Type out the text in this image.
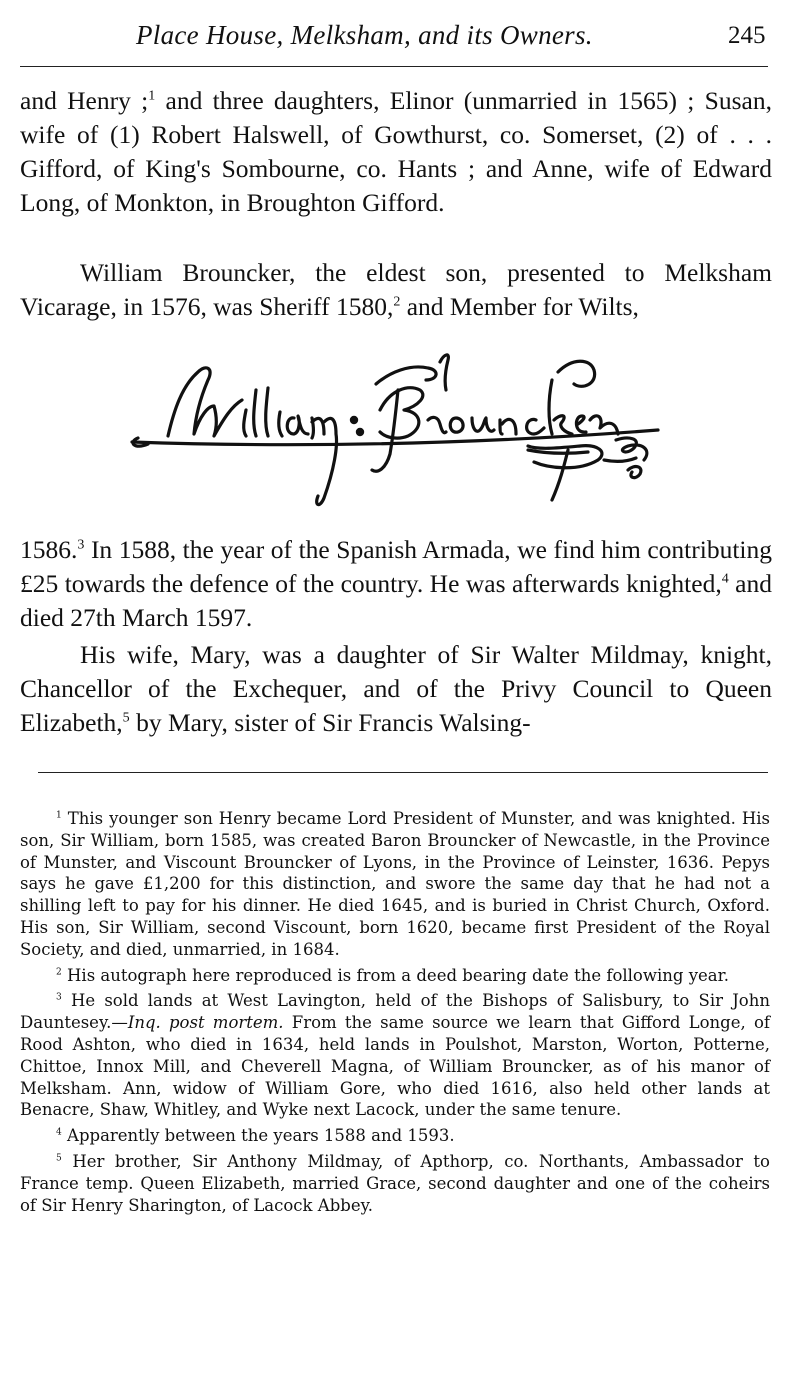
Place House, Melksham, and its Owners.	245

and Henry ;$^1$ and three daughters, Elinor (unmarried in 1565) ; Susan, wife of (1) Robert Halswell, of Gowthurst, co. Somerset, (2) of . . . Gifford, of King's Sombourne, co. Hants ; and Anne, wife of Edward Long, of Monkton, in Broughton Gifford.

William Brouncker, the eldest son, presented to Melksham Vicarage, in 1576, was Sheriff 1580,$^2$ and Member for Wilts,

1586.$^3$ In 1588, the year of the Spanish Armada, we find him contributing £25 towards the defence of the country. He was afterwards knighted,$^4$ and died 27th March 1597.

His wife, Mary, was a daughter of Sir Walter Mildmay, knight, Chancellor of the Exchequer, and of the Privy Council to Queen Elizabeth,$^5$ by Mary, sister of Sir Francis Walsing-

$^1$ This younger son Henry became Lord President of Munster, and was knighted. His son, Sir William, born 1585, was created Baron Brouncker of Newcastle, in the Province of Munster, and Viscount Brouncker of Lyons, in the Province of Leinster, 1636. Pepys says he gave £1,200 for this distinction, and swore the same day that he had not a shilling left to pay for his dinner. He died 1645, and is buried in Christ Church, Oxford. His son, Sir William, second Viscount, born 1620, became first President of the Royal Society, and died, unmarried, in 1684.

$^2$ His autograph here reproduced is from a deed bearing date the following year.

$^3$ He sold lands at West Lavington, held of the Bishops of Salisbury, to Sir John Dauntesey.—Inq. post mortem. From the same source we learn that Gifford Longe, of Rood Ashton, who died in 1634, held lands in Poulshot, Marston, Worton, Potterne, Chittoe, Innox Mill, and Cheverell Magna, of William Brouncker, as of his manor of Melksham. Ann, widow of William Gore, who died 1616, also held other lands at Benacre, Shaw, Whitley, and Wyke next Lacock, under the same tenure.

$^4$ Apparently between the years 1588 and 1593.

$^5$ Her brother, Sir Anthony Mildmay, of Apthorp, co. Northants, Ambassador to France temp. Queen Elizabeth, married Grace, second daughter and one of the coheirs of Sir Henry Sharington, of Lacock Abbey.
